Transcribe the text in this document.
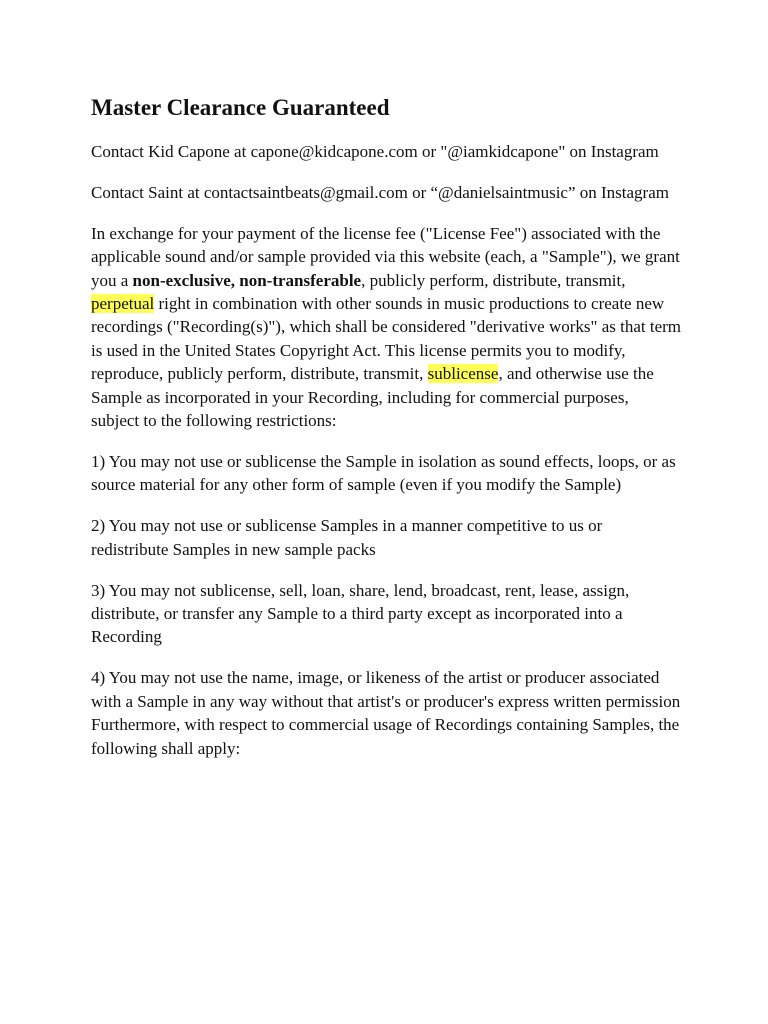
Master Clearance Guaranteed

Contact Kid Capone at capone@kidcapone.com or "@iamkidcapone" on Instagram

Contact Saint at contactsaintbeats@gmail.com or “@danielsaintmusic” on Instagram

In exchange for your payment of the license fee ("License Fee") associated with the applicable sound and/or sample provided via this website (each, a "Sample"), we grant you a non-exclusive, non-transferable, publicly perform, distribute, transmit, perpetual right in combination with other sounds in music productions to create new recordings ("Recording(s)"), which shall be considered "derivative works" as that term is used in the United States Copyright Act. This license permits you to modify, reproduce, publicly perform, distribute, transmit, sublicense, and otherwise use the Sample as incorporated in your Recording, including for commercial purposes, subject to the following restrictions:

1) You may not use or sublicense the Sample in isolation as sound effects, loops, or as source material for any other form of sample (even if you modify the Sample)

2) You may not use or sublicense Samples in a manner competitive to us or redistribute Samples in new sample packs

3) You may not sublicense, sell, loan, share, lend, broadcast, rent, lease, assign, distribute, or transfer any Sample to a third party except as incorporated into a Recording

4) You may not use the name, image, or likeness of the artist or producer associated with a Sample in any way without that artist's or producer's express written permission Furthermore, with respect to commercial usage of Recordings containing Samples, the following shall apply:
